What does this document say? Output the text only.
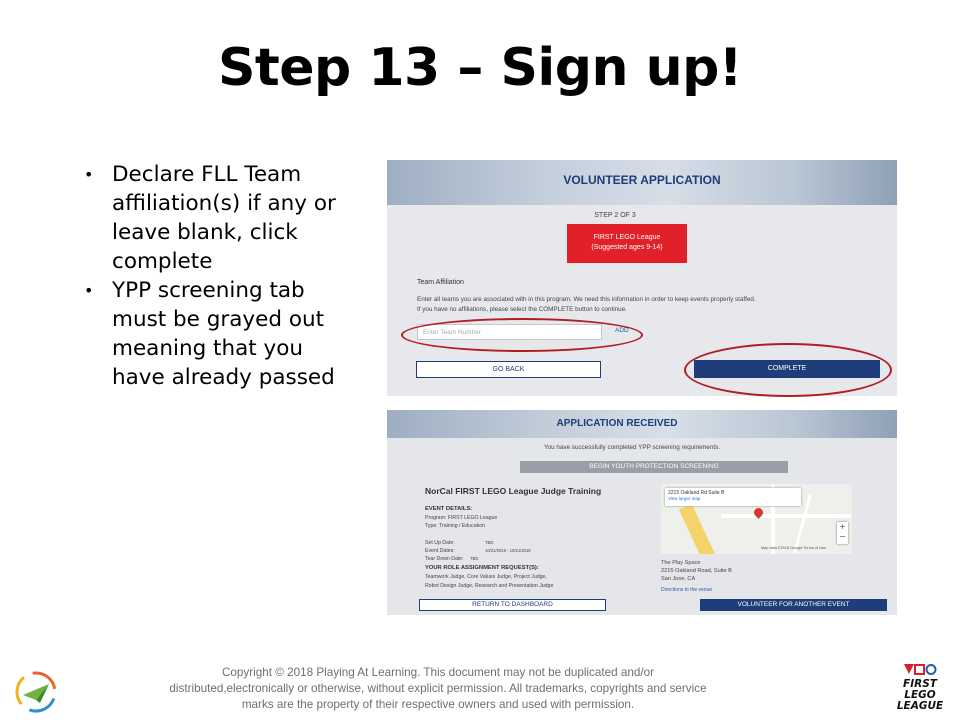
Step 13 – Sign up!
• Declare FLL Team affiliation(s) if any or leave blank, click complete
• YPP screening tab must be grayed out meaning that you have already passed
VOLUNTEER APPLICATION
STEP 2 OF 3
FIRST LEGO League
(Suggested ages 9-14)
Team Affiliation
Enter all teams you are associated with in this program. We need this information in order to keep events properly staffed.
If you have no affiliations, please select the COMPLETE button to continue.
Enter Team Number
ADD
GO BACK	COMPLETE
APPLICATION RECEIVED
You have successfully completed YPP screening requirements.
BEGIN YOUTH PROTECTION SCREENING
NorCal FIRST LEGO League Judge Training
EVENT DETAILS:
Program: FIRST LEGO League
Type: Training / Education
Set Up Date:	TBD
Event Dates:	10/21/2018 - 10/21/2018
Tear Down Date: TBD
YOUR ROLE ASSIGNMENT REQUEST(S):
Teamwork Judge, Core Values Judge, Project Judge,
Robot Design Judge, Research and Presentation Judge
2215 Oakland Rd Suite B
View larger map
+
−
Map data ©2018 Google Terms of Use
The Play Space
2215 Oakland Road, Suite B
San Jose, CA
Directions to the venue
RETURN TO DASHBOARD	VOLUNTEER FOR ANOTHER EVENT
Copyright © 2018 Playing At Learning. This document may not be duplicated and/or
distributed,electronically or otherwise, without explicit permission. All trademarks, copyrights and service
marks are the property of their respective owners and used with permission.
FIRST
LEGO
LEAGUE
